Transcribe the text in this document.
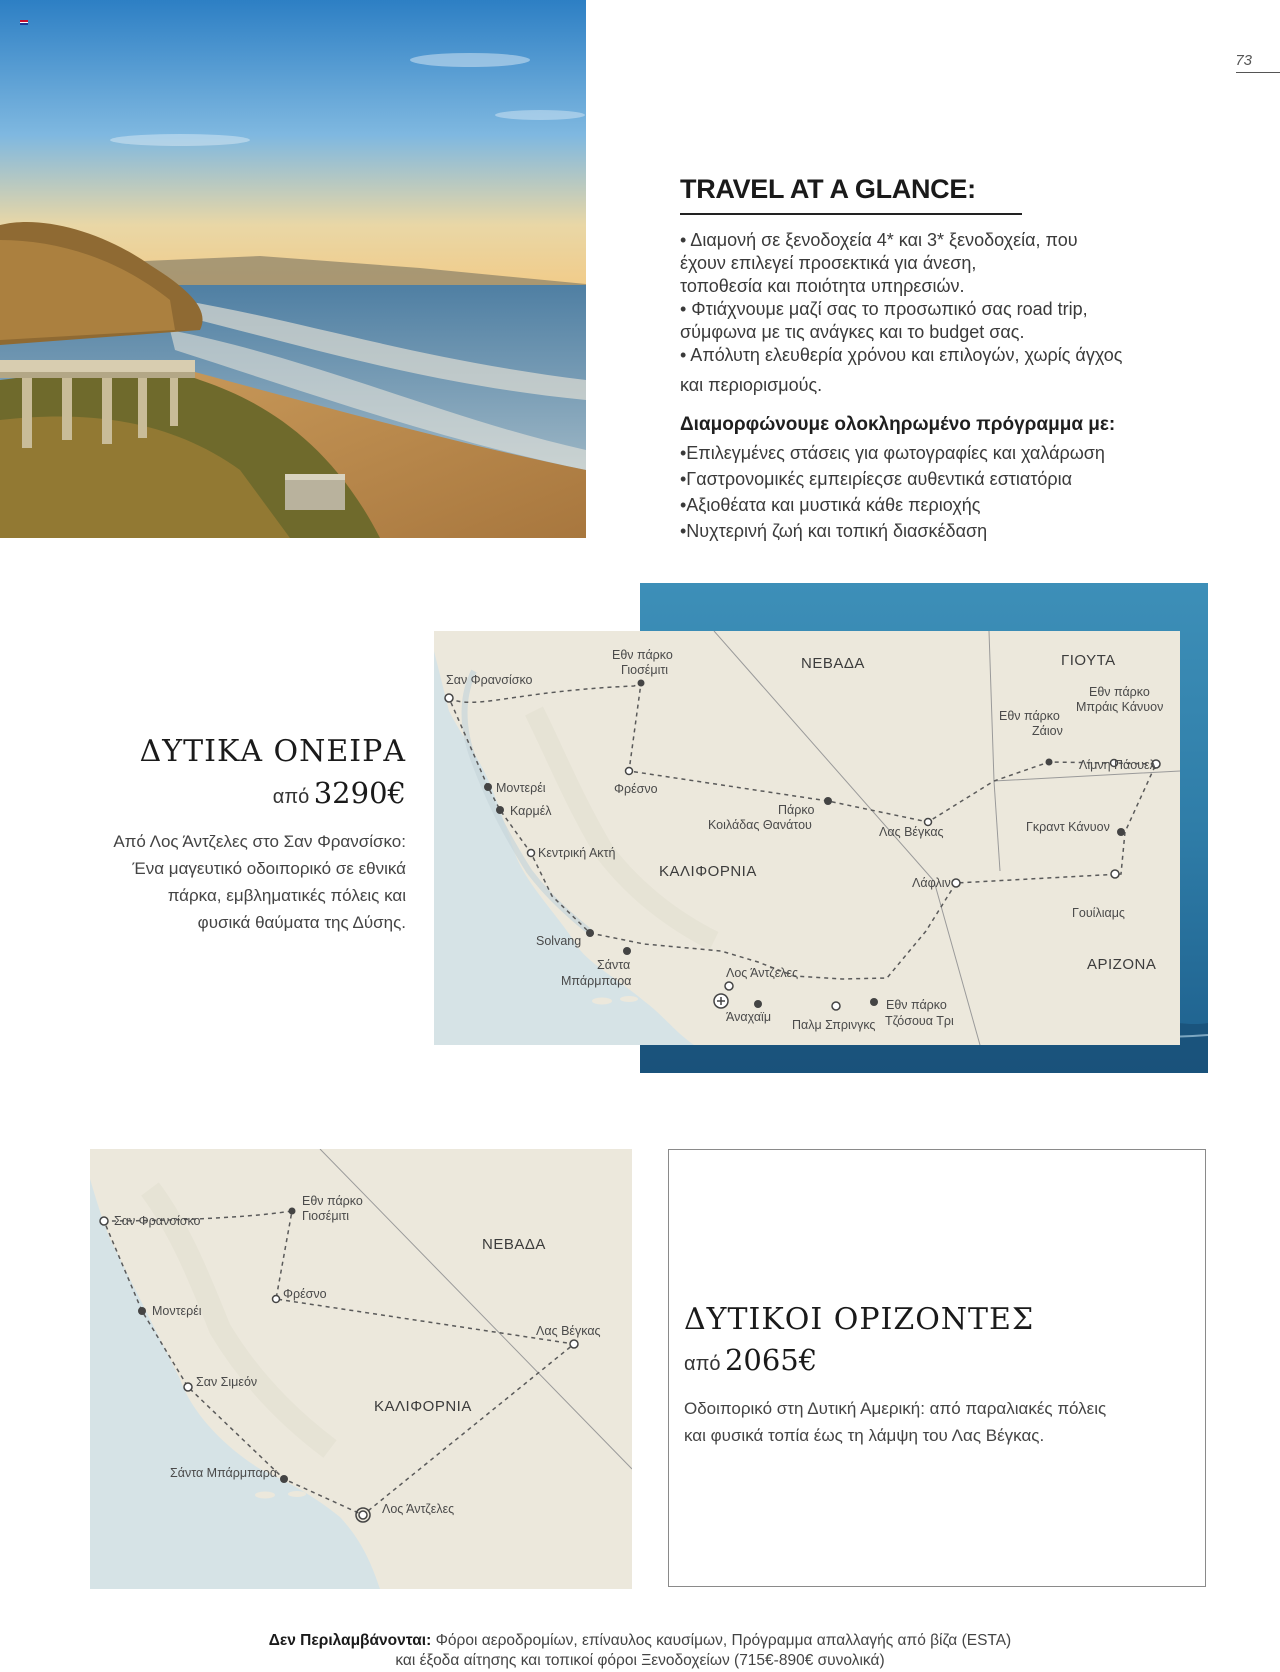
73
TRAVEL AT A GLANCE:
• Διαμονή σε ξενοδοχεία 4* και 3* ξενοδοχεία, που
έχουν επιλεγεί προσεκτικά για άνεση,
τοποθεσία και ποιότητα υπηρεσιών.
• Φτιάχνουμε μαζί σας το προσωπικό σας road trip,
σύμφωνα με τις ανάγκες και το budget σας.
• Απόλυτη ελευθερία χρόνου και επιλογών, χωρίς άγχος
και περιορισμούς.
Διαμορφώνουμε ολοκληρωμένο πρόγραμμα με:
•Επιλεγμένες στάσεις για φωτογραφίες και χαλάρωση
•Γαστρονομικές εμπειρίεςσε αυθεντικά εστιατόρια
•Αξιοθέατα και μυστικά κάθε περιοχής
•Νυχτερινή ζωή και τοπική διασκέδαση
ΔΥΤΙΚΑ ΟΝΕΙΡΑ
από 3290€
Από Λος Άντζελες στο Σαν Φρανσίσκο:
Ένα μαγευτικό οδοιπορικό σε εθνικά
πάρκα, εμβληματικές πόλεις και
φυσικά θαύματα της Δύσης.
ΝΕΒΑΔΑ	ΓΙΟΥΤΑ
ΚΑΛΙΦΟΡΝΙΑ
ΑΡΙΖΟΝΑ
Σαν Φρανσίσκο
Εθν πάρκο
Γιοσέμιτι
Φρέσνο
Μοντερέι
Καρμέλ
Κεντρική Ακτή
Πάρκο
Κοιλάδας Θανάτου	Λας Βέγκας
Εθν πάρκο
Ζάιον
Εθν πάρκο
Μπράις Κάνυον
Λίμνη Πάουελ
Γκραντ Κάνυον
Λάφλιν
Γουίλιαμς
Solvang
Σάντα
Μπάρμπαρα
Λος Άντζελες
Άναχαϊμ
Παλμ Σπρινγκς
Εθν πάρκο
Τζόσουα Τρι
ΝΕΒΑΔΑ
ΚΑΛΙΦΟΡΝΙΑ
Σαν Φρανσίσκο
Εθν πάρκο
Γιοσέμιτι
Φρέσνο
Μοντερέι
Σαν Σιμεόν
Λας Βέγκας
Σάντα Μπάρμπαρα
Λος Άντζελες
ΔΥΤΙΚΟΙ ΟΡΙΖΟΝΤΕΣ
από 2065€
Οδοιπορικό στη Δυτική Αμερική: από παραλιακές πόλεις
και φυσικά τοπία έως τη λάμψη του Λας Βέγκας.
Δεν Περιλαμβάνονται: Φόροι αεροδρομίων, επίναυλος καυσίμων, Πρόγραμμα απαλλαγής από βίζα (ESTA)
και έξοδα αίτησης και τοπικοί φόροι Ξενοδοχείων (715€-890€ συνολικά)
